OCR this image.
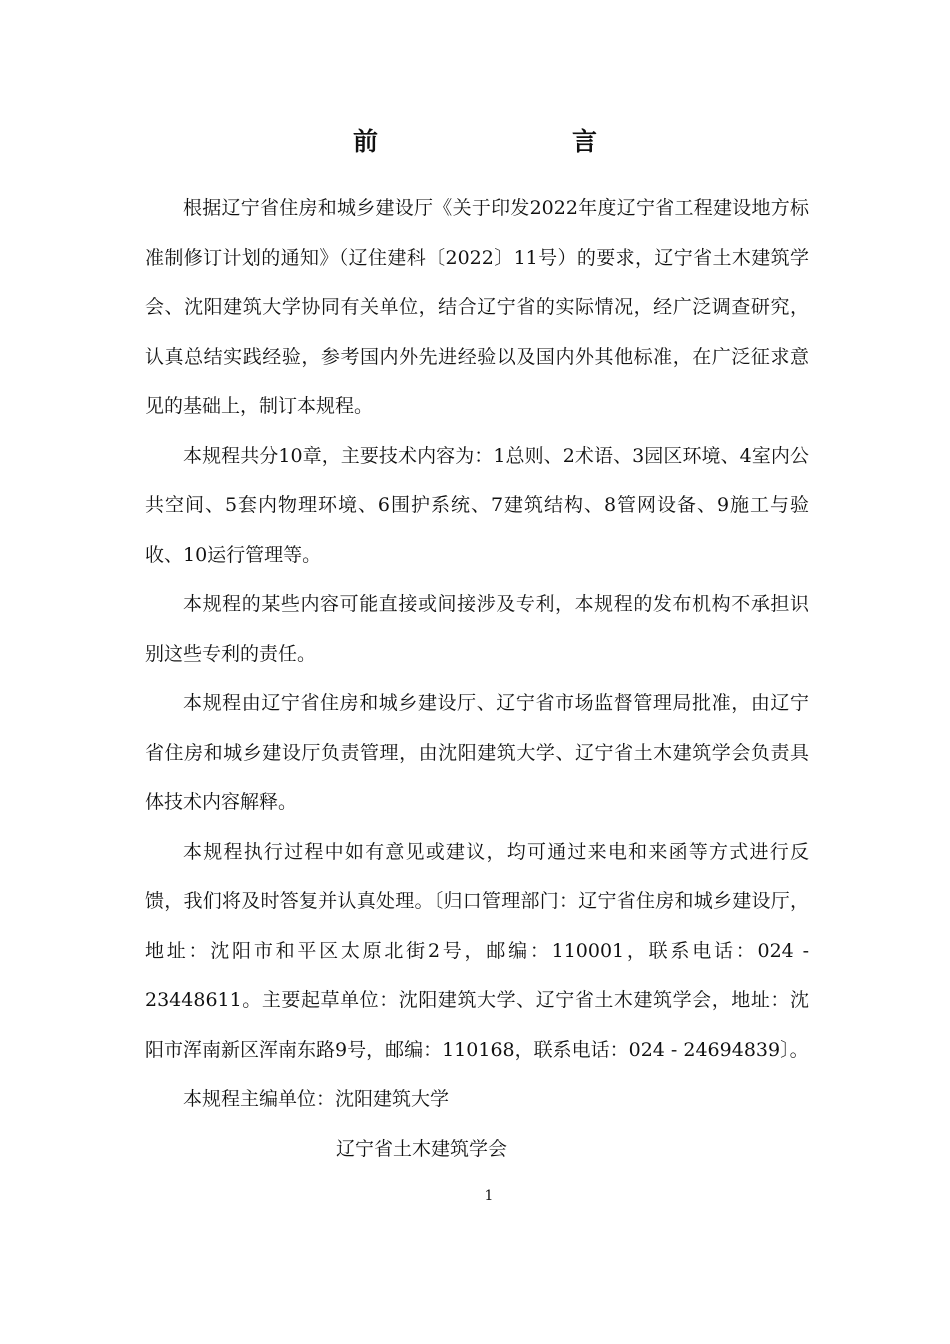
前　　言

根据辽宁省住房和城乡建设厅《关于印发2022年度辽宁省工程建设地方标准制修订计划的通知》（辽住建科〔2022〕11号）的要求，辽宁省土木建筑学会、沈阳建筑大学协同有关单位，结合辽宁省的实际情况，经广泛调查研究，认真总结实践经验，参考国内外先进经验以及国内外其他标准，在广泛征求意见的基础上，制订本规程。

本规程共分10章，主要技术内容为：1总则、2术语、3园区环境、4室内公共空间、5套内物理环境、6围护系统、7建筑结构、8管网设备、9施工与验收、10运行管理等。

本规程的某些内容可能直接或间接涉及专利，本规程的发布机构不承担识别这些专利的责任。

本规程由辽宁省住房和城乡建设厅、辽宁省市场监督管理局批准，由辽宁省住房和城乡建设厅负责管理，由沈阳建筑大学、辽宁省土木建筑学会负责具体技术内容解释。

本规程执行过程中如有意见或建议，均可通过来电和来函等方式进行反馈，我们将及时答复并认真处理。〔归口管理部门：辽宁省住房和城乡建设厅，地址：沈阳市和平区太原北街2号，邮编：110001，联系电话：024 - 23448611。主要起草单位：沈阳建筑大学、辽宁省土木建筑学会，地址：沈阳市浑南新区浑南东路9号，邮编：110168，联系电话：024 - 24694839〕。

本规程主编单位：沈阳建筑大学
辽宁省土木建筑学会
1
